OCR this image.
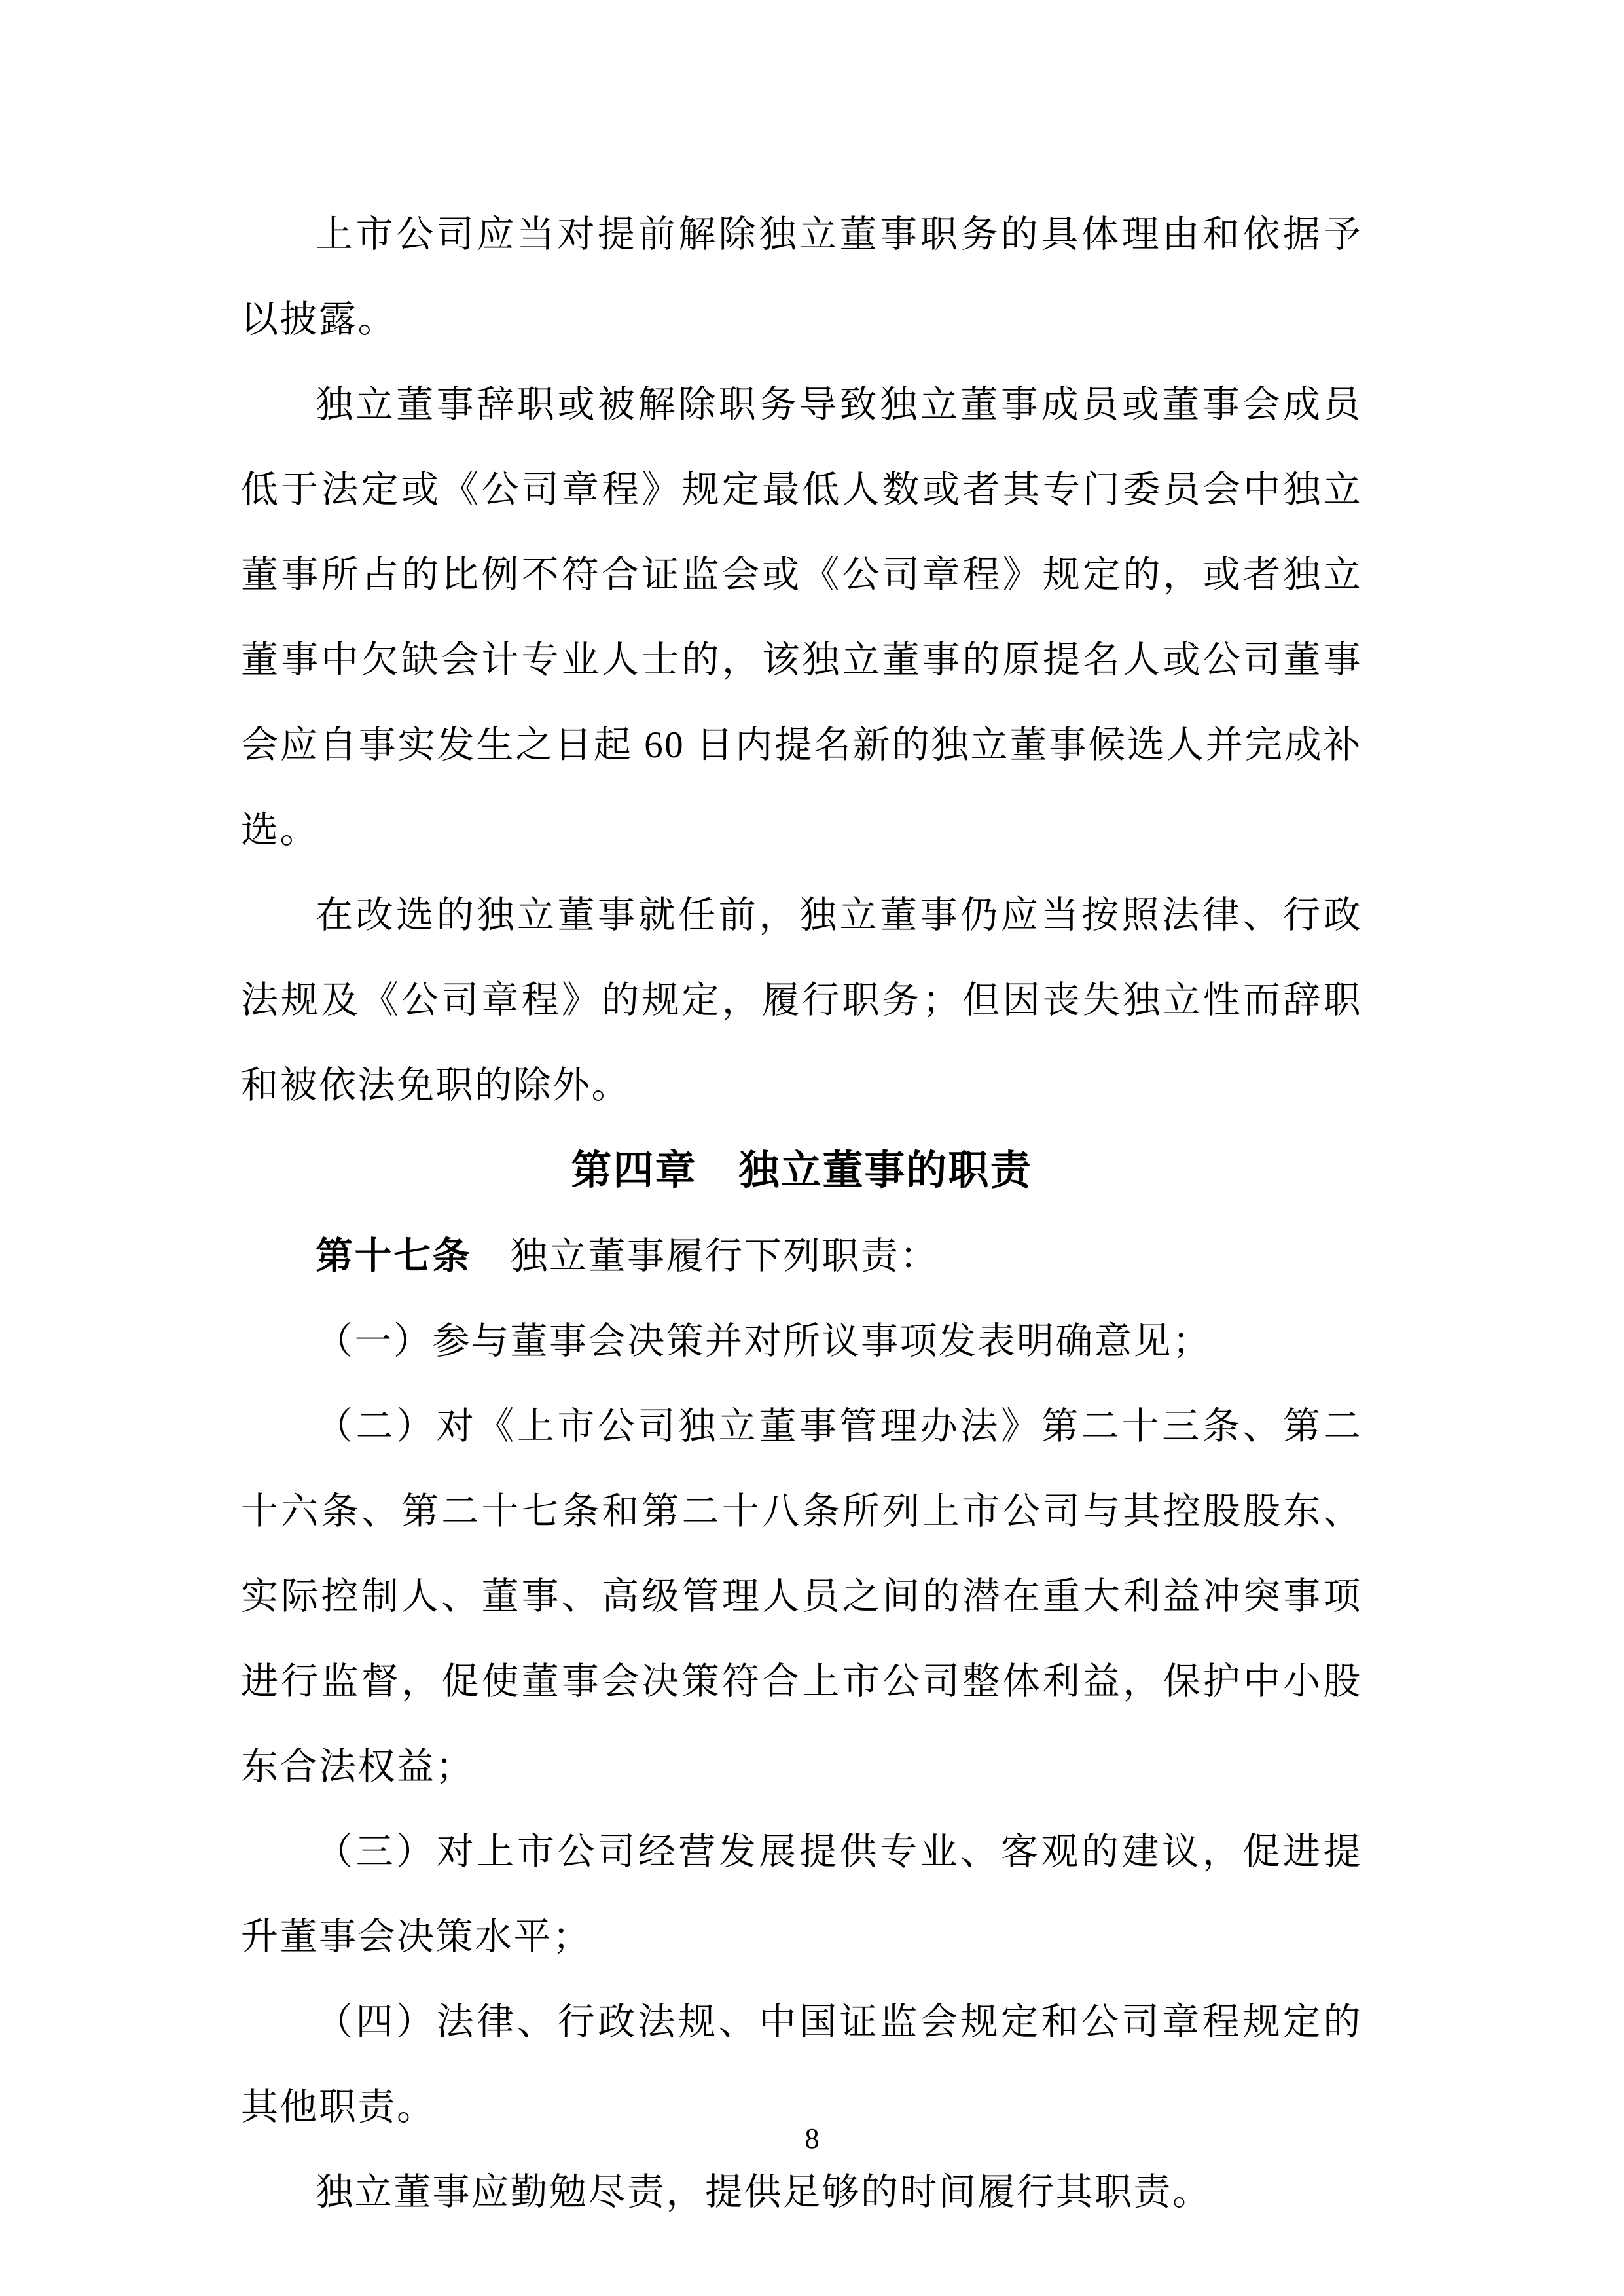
上市公司应当对提前解除独立董事职务的具体理由和依据予以披露。

独立董事辞职或被解除职务导致独立董事成员或董事会成员低于法定或《公司章程》规定最低人数或者其专门委员会中独立董事所占的比例不符合证监会或《公司章程》规定的，或者独立董事中欠缺会计专业人士的，该独立董事的原提名人或公司董事会应自事实发生之日起 60 日内提名新的独立董事候选人并完成补选。

在改选的独立董事就任前，独立董事仍应当按照法律、行政法规及《公司章程》的规定，履行职务；但因丧失独立性而辞职和被依法免职的除外。

第四章　独立董事的职责

第十七条　独立董事履行下列职责：

（一）参与董事会决策并对所议事项发表明确意见；

（二）对《上市公司独立董事管理办法》第二十三条、第二十六条、第二十七条和第二十八条所列上市公司与其控股股东、实际控制人、董事、高级管理人员之间的潜在重大利益冲突事项进行监督，促使董事会决策符合上市公司整体利益，保护中小股东合法权益；

（三）对上市公司经营发展提供专业、客观的建议，促进提升董事会决策水平；

（四）法律、行政法规、中国证监会规定和公司章程规定的其他职责。

独立董事应勤勉尽责，提供足够的时间履行其职责。

8
